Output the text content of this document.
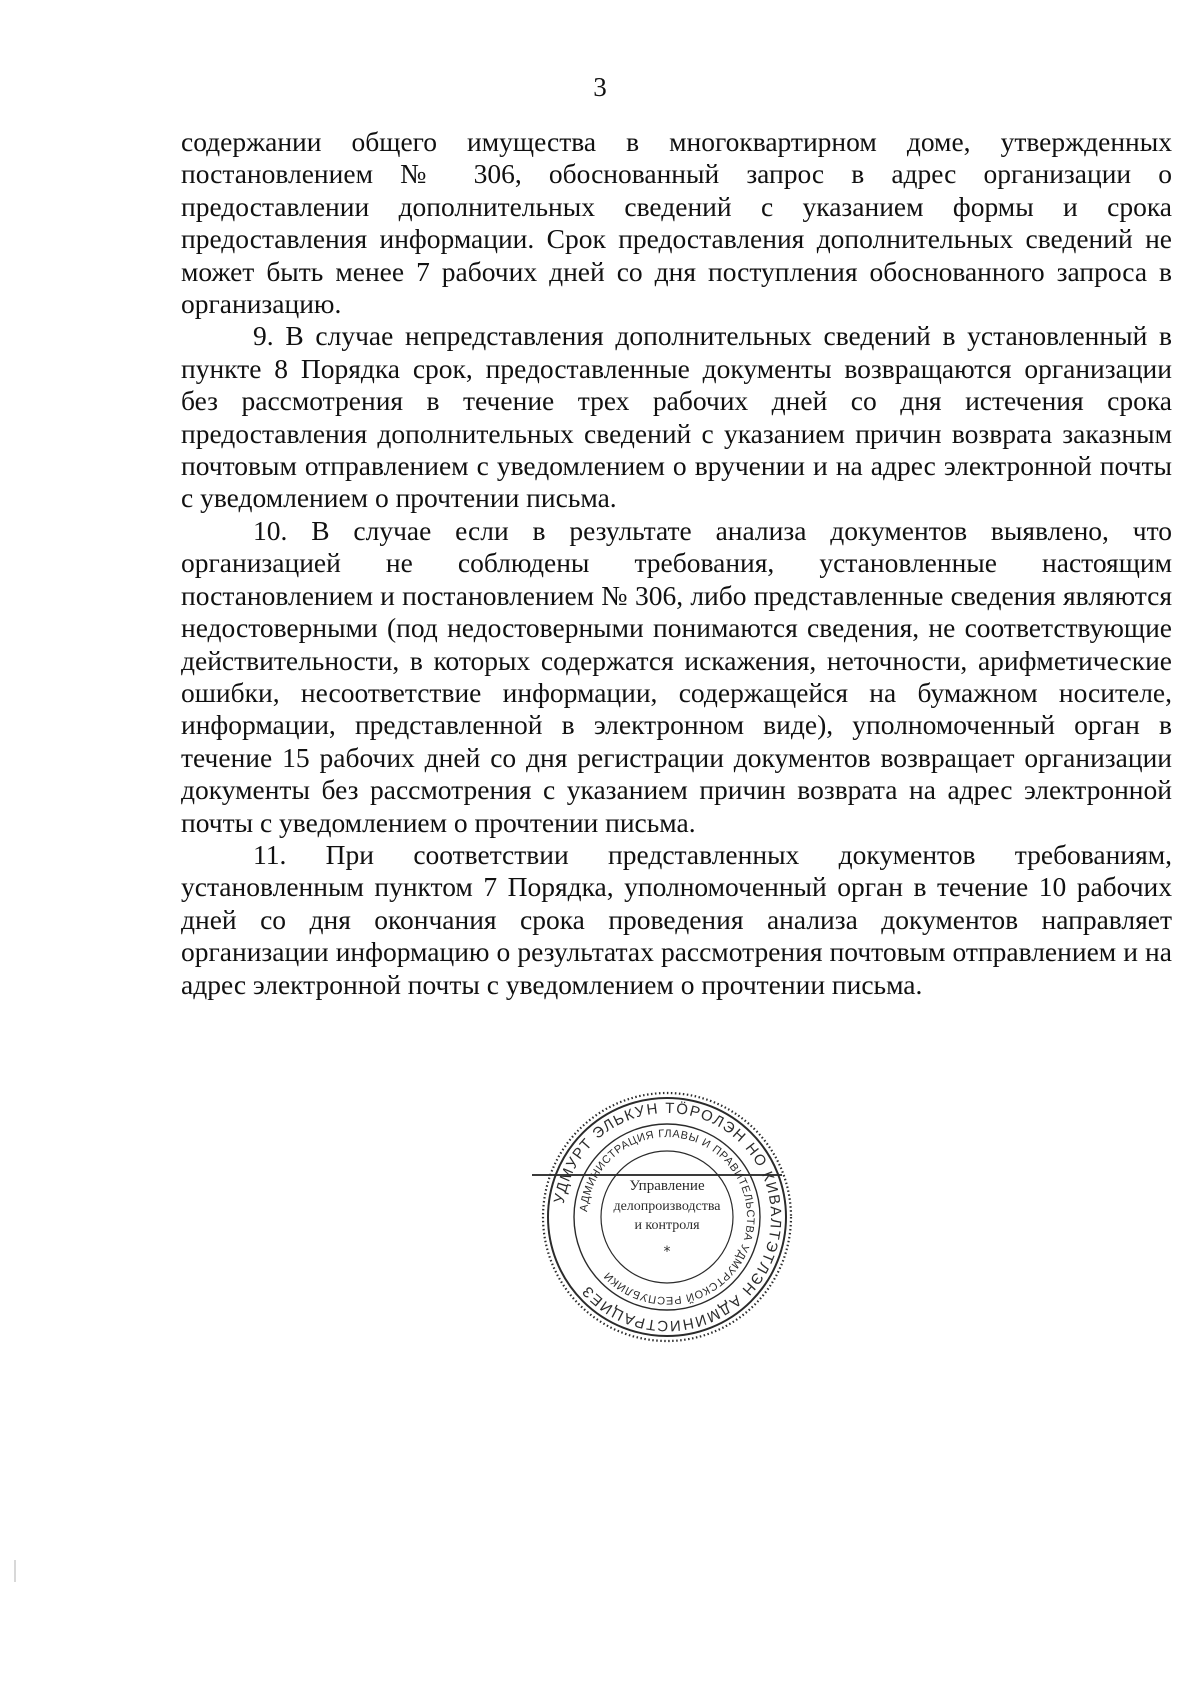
3

содержании общего имущества в многоквартирном доме, утвержденных постановлением № 306, обоснованный запрос в адрес организации о предоставлении дополнительных сведений с указанием формы и срока предоставления информации. Срок предоставления дополнительных сведений не может быть менее 7 рабочих дней со дня поступления обоснованного запроса в организацию.

9. В случае непредставления дополнительных сведений в установленный в пункте 8 Порядка срок, предоставленные документы возвращаются организации без рассмотрения в течение трех рабочих дней со дня истечения срока предоставления дополнительных сведений с указанием причин возврата заказным почтовым отправлением с уведомлением о вручении и на адрес электронной почты с уведомлением о прочтении письма.

10. В случае если в результате анализа документов выявлено, что организацией не соблюдены требования, установленные настоящим постановлением и постановлением № 306, либо представленные сведения являются недостоверными (под недостоверными понимаются сведения, не соответствующие действительности, в которых содержатся искажения, неточности, арифметические ошибки, несоответствие информации, содержащейся на бумажном носителе, информации, представленной в электронном виде), уполномоченный орган в течение 15 рабочих дней со дня регистрации документов возвращает организации документы без рассмотрения с указанием причин возврата на адрес электронной почты с уведомлением о прочтении письма.

11. При соответствии представленных документов требованиям, установленным пунктом 7 Порядка, уполномоченный орган в течение 10 рабочих дней со дня окончания срока проведения анализа документов направляет организации информацию о результатах рассмотрения почтовым отправлением и на адрес электронной почты с уведомлением о прочтении письма.

УДМУРТ ЭЛЬКУН ТӦРОЛЭН НО КИВАЛТЭТЛЭН АДМИНИСТРАЦИЕЗ
АДМИНИСТРАЦИЯ ГЛАВЫ И ПРАВИТЕЛЬСТВА УДМУРТСКОЙ РЕСПУБЛИКИ
Управление
делопроизводства
и контроля
*
